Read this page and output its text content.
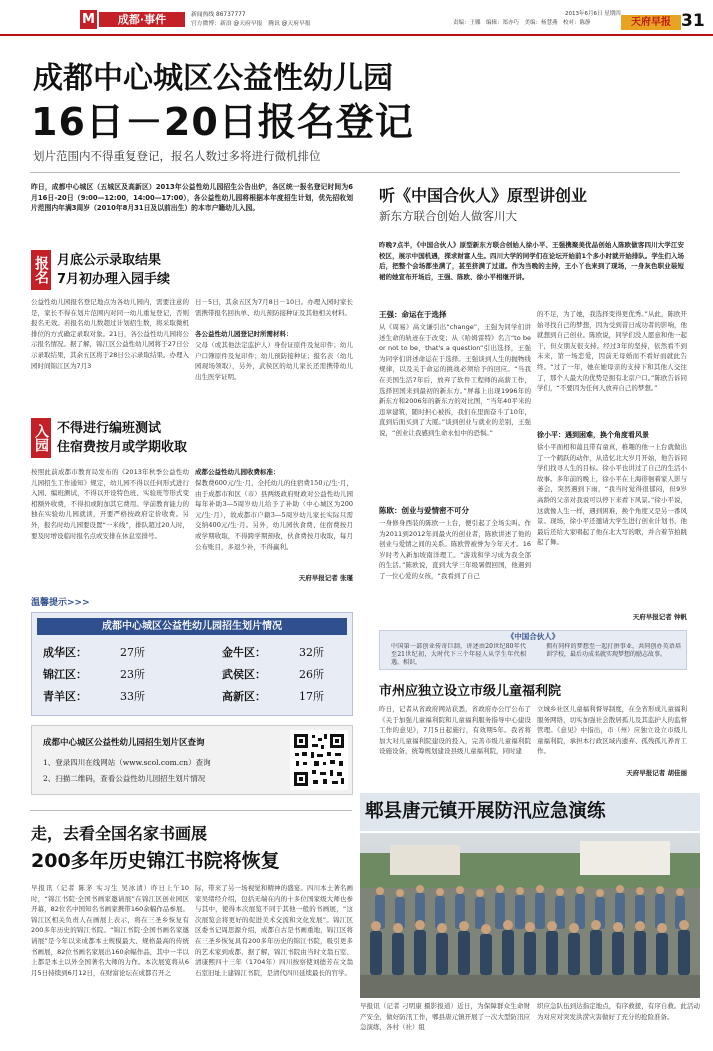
M	成都·事件	新闻热线 86737777
官方微博：新浪 @天府早报　腾讯 @天府早报	责编：王娜　编辑：郑亦巧　美编：杨慧燕　校对：陈静
2013年6月6日 星期四
天府早报 31
成都中心城区公益性幼儿园
16日－20日报名登记
划片范围内不得重复登记，报名人数过多将进行微机排位
昨日，成都中心城区（五城区及高新区）2013年公益性幼儿园招生公告出炉，各区统一报名登记时间为6月16日-20日（9:00—12:00，14:00—17:00），各公益性幼儿园将根据本年度招生计划，优先招收划片范围内年满3周岁（2010年8月31日及以前出生）的本市户籍幼儿入园。
报名 月底公示录取结果
7月初办理入园手续
公益性幼儿园报名登记地点为各幼儿园内，需要注意的是，家长不得在划片范围内对同一幼儿重复登记，否则报名无效。若报名幼儿数超过计划招生数，将采取微机排位的方式确定录取对象。21日，各公益性幼儿园将公示报名情况。据了解，锦江区公益性幼儿园将于27日公示录取结果，其余五区将于28日公示录取结果。办理入园时间锦江区为7月3
日－5日，其余五区为7月8日－10日。办理入园时家长需携带报名回执单、幼儿预防接种证及其他相关材料。
各公益性幼儿园登记时所需材料：
父母（或其他法定监护人）身份证原件及复印件；幼儿户口簿原件及复印件；幼儿预防接种证；报名表（幼儿园现场领取），另外，武侯区的幼儿家长还需携带幼儿出生医学证明。
入园 不得进行编班测试
住宿费按月或学期收取
按照此前成都市教育局发布的《2013年秋季公益性幼儿园招生工作通知》规定，幼儿园不得以任何形式进行入园、编班测试，不得以开设特色班、实验班等形式变相额外收费，不得扣或附加其它费用。学前教育能力的独在实验幼儿园就读，开要严格按政府定价收费。另外，报名时幼儿园要设置“一米线”，排队超过20人时，要及时增设临时报名点或安排在休息室排号。
成都公益性幼儿园收费标准：
保教费600元/生·月，全托幼儿的住宿费150元/生·月，由于成都市和区（市）县两级政府财政对公益性幼儿园每年补助3—5周岁幼儿给予了补助（中心城区为200元/生·月），故成都市户籍3—5周岁幼儿家长实际只需交纳400元/生·月。另外，幼儿园伙食费、住宿费按月或学期收取，不得跨学期预收，伙食费按月收取，每月公布账目，多退少补，不得赢利。
天府早报记者 张瑾
温馨提示>>>
成都中心城区公益性幼儿园招生划片情况
成华区：	27所	金牛区：	32所
锦江区：	23所	武侯区：	26所
青羊区：	33所	高新区：	17所
成都中心城区公益性幼儿园招生划片区查询
1、登录四川在线网站（www.scol.com.cn）查询
2、扫描二维码，查看公益性幼儿园招生划片情况
走，去看全国名家书画展
200多年历史锦江书院将恢复
早报讯（记者 陈茅 实习生 吴冰清）昨日上午10时，“锦江书院·全国书画家邀请展”在锦江区创业园区开幕，82位名中国知名书画家携带160余幅作品参展。锦江区相关负责人在画展上表示，将在三圣乡恢复有200多年历史的锦江书院。“锦江书院·全国书画名家邀请展”是今年以来成都本土规模最大、规格最高的传统书画展，82位书画名家展出160余幅作品，其中一半以上都是本土以外全国著名大师的力作。本次展览将从6月5日持续到6月12日，在财富论坛在成都召开之
际，带来了另一场视觉和精神的盛宴。四川本土著名画家吴绪经介绍，包括无端在内的十多位国家级大师也参与其中，使得本次展览不同于其他一般的书画展，“这次展览会将更好的促进美术交流和文化发展”。锦江区区委书记周思源介绍，成都自古是书画重地，锦江区将在三圣乡恢复具有200多年历史的锦江书院，吸引更多的艺术家到成都，据了解，锦江书院由当时文翁石室、清康熙四十三年（1704年）四川按察使刘德芳在文翁石室旧址上建锦江书院，是清代四川延续最长的官学。
听《中国合伙人》原型讲创业
新东方联合创始人做客川大
昨晚7点半，《中国合伙人》原型新东方联合创始人徐小平、王强携聚美优品创始人陈欧做客四川大学江安校区，展示中国机遇，探求财富人生。四川大学的同学们在论坛开始前1个多小时就开始排队。学生们入场后，把整个会场都坐满了，甚至挤满了过道。作为当晚的主持，王小丫也来到了现场，一身灰色职业装短裙的她宣布开场后，王强、陈欧、徐小平相继开讲。
王强：命运在于选择
从《周易》高文谦引出“change”，王强为同学们讲述生命的轨迹在于改变；从《哈姆雷特》名言“to be or not to be，that's a question”引出选择，王强为同学们讲述命运在于选择。王强谈到人生的抛物线规律，以及关于命运的挑战必须给予的回应。“当我在美国生活7年后，放弃了软件工程师的高薪工作，选择回国来到最初的新东方。”屏幕上出现1996年的新东方和2006年的新东方的对比图，“当年40平米的违章建筑，随时担心被拆，我们在里面奋斗了10年，直到后面买到了大厦。”谈到创业与就业的差别，王强说，“创业让我感到生命永恒中的恐惧。”
陈欧：创业与爱情密不可分
一身修身西装的陈欧一上台，便引起了全场尖叫。作为2011到2012年间最火的创业者，陈欧讲述了他的创业与爱情之间的关系。陈欧曾被誉为今年天才。16岁时考入新加坡南洋理工。“游戏和学习成为我全部的生活。”陈欧说，直到大学三年级暑假回国，他遇到了一位心爱的女孩，“我看到了自己
的不足，为了她，我选择变得更优秀。”从此，陈欧开始寻找自己的梦想，因为受到昔日成功者的影响，他就想到自己创业。陈欧说，同学们没人愿意和他一起干，但女朋友很支持。经过3年的坚持，依然看不到未来，第一场恋爱，因前无母婚而不看好而就此告终。“过了一年，她在她母亲的支持下和其他人交往了，那个人最大的优势是拥有北京户口。”陈欧告诉同学们，“不要因为任何人放弃自己的梦想。”
徐小平：遇到困难，换个角度看风景
徐小平面相和蔼且带有童真，稚趣的他一上台就做出了一个鹤跃的动作，从造忆北大岁月开始，他告诉同学们找寻人生的目标。徐小平也讲过了自己的生活小故事。多年前的晚上，徐小平在上海徘徊着家人影与萎会，突然遇到下雨，“我当时觉得很郁闷，但9岁高龄的父亲对我说可以停下来看下风景。”徐小平说，这就像人生一样，遇到困难，换个角度又是另一番风景。现场，徐小平还邀请大学生进行创业计划书，他最后还给大家唱起了他在北大写的歌，并合着节拍跳起了舞。
天府早报记者 钟帆
《中国合伙人》
中国第一部创业传奇巨制，讲述由20世纪80年代至21世纪初，大时代下三个年轻人从学生年代相遇、相识，
拥有同样的梦想至一起打拼事业，共同创办英语培训学校，最后功成名就实现梦想的励志故事。
市州应独立设立市级儿童福利院
昨日，记者从省政府网站获悉，省政府办公厅公布了《关于加强儿童福利院和儿童福利服务指导中心建设工作的意见》，7月5日起施行，有效期5年。我省将加大对儿童福利院建设的投入，完善市级儿童福利院设施设备，统筹规划建设县级儿童福利院，同时建
立城乡社区儿童福利督导制度，在全省形成儿童福利服务网络，切实加强社会散居孤儿及其监护人的监督管理。《意见》中指出，市（州）应独立设立市级儿童福利院，承担本行政区域内遗弃、孤残孤儿养育工作。
天府早报记者 胡佳丽
郫县唐元镇开展防汛应急演练
早报讯（记者 刁明康 摄影报道）近日，为保障群众生命财产安全，做好防汛工作，郫县唐元镇开展了一次大型防汛应急演练，各村（社）组
织应急队伍到达指定地点，有序救援，有序自救。此活动为对应对突发洪涝灾害做好了充分的抢险准备。
